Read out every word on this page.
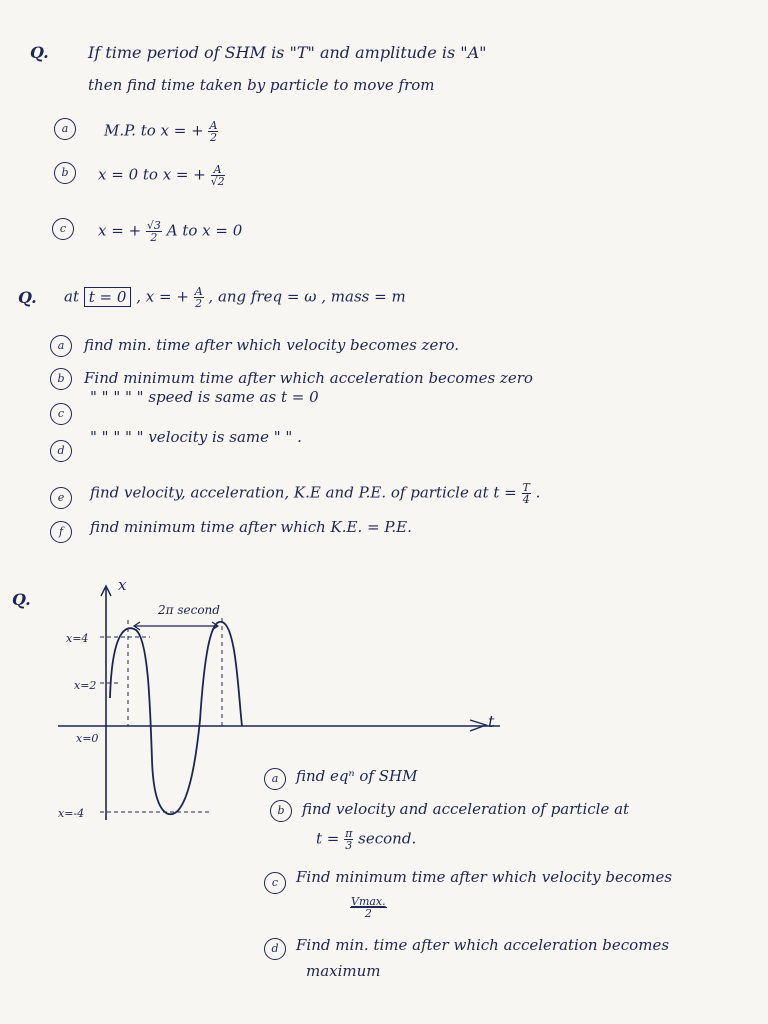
Q. If time period of SHM is "T" and amplitude is "A"
then find time taken by particle to move from
a	M.P. to x = + $\frac{A}{2}$
b	x = 0 to x = + $\frac{A}{√2}$
c	x = + $\frac{√3}{2}$ A to x = 0
Q. at t = 0 , x = + $\frac{A}{2}$ , ang freq = ω , mass = m
a	find min. time after which velocity becomes zero.
b	Find minimum time after which acceleration becomes zero
c
" " " " " speed is same as t = 0
d
" " " " " velocity is same " " .
e	find velocity, acceleration, K.E and P.E. of particle at $t = \frac{T}{4}$ .
f	find minimum time after which K.E. = P.E.
Q.
x
t
x=4
x=2
x=0
x=-4
2π second
a	find eqⁿ of SHM
b	find velocity and acceleration of particle at
$t = \frac{\pi}{3}$ second.
c	Find minimum time after which velocity becomes
$\frac{Vmax.}{2}$
d	Find min. time after which acceleration becomes
maximum
